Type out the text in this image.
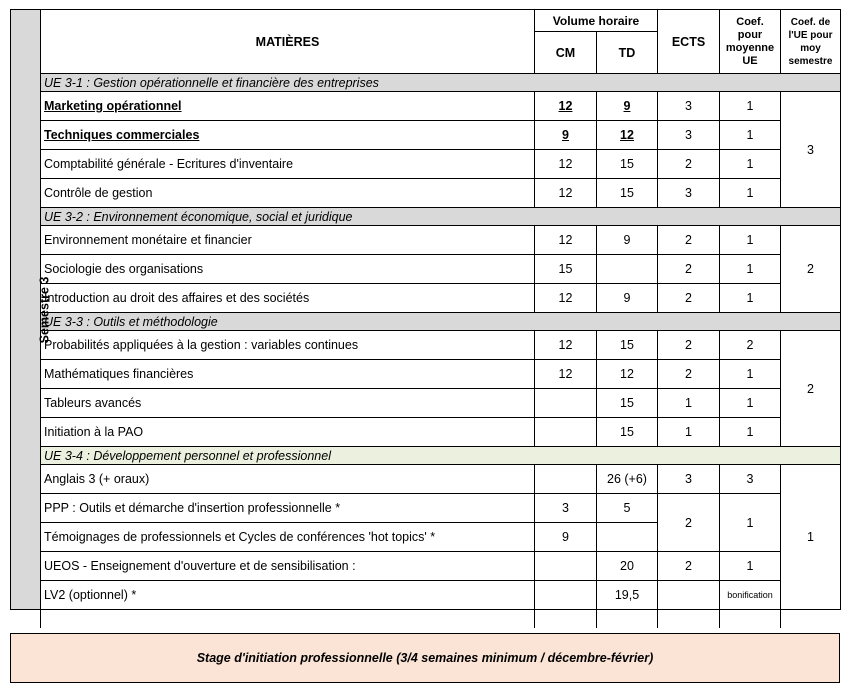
Semestre 3	MATIÈRES	Volume horaire		ECTS	Coef. pour moyenne UE	Coef. de l'UE pour moy semestre
		CM	TD			
	UE 3-1 : Gestion opérationnelle et financière des entreprises					
	Marketing opérationnel	12	9	3	1	3
	Techniques commerciales	9	12	3	1	
	Comptabilité générale - Ecritures d'inventaire	12	15	2	1	
	Contrôle de gestion	12	15	3	1	
	UE 3-2 : Environnement économique, social et juridique					
	Environnement monétaire et financier	12	9	2	1	2
	Sociologie des organisations	15		2	1	
	Introduction au droit des affaires et des sociétés	12	9	2	1	
	UE 3-3 : Outils et méthodologie					
	Probabilités appliquées à la gestion : variables continues	12	15	2	2	2
	Mathématiques financières	12	12	2	1	
	Tableurs avancés		15	1	1	
	Initiation à la PAO		15	1	1	
	UE 3-4 : Développement personnel et professionnel					
	Anglais 3 (+ oraux)		26 (+6)	3	3	1
	PPP : Outils et démarche d'insertion professionnelle *	3	5	2	1	
	Témoignages de professionnels et Cycles de conférences 'hot topics' *	9				
	UEOS - Enseignement d'ouverture et de sensibilisation :		20	2	1	
	LV2 (optionnel) *		19,5		bonification	

Stage d'initiation professionnelle (3/4 semaines minimum / décembre-février)
